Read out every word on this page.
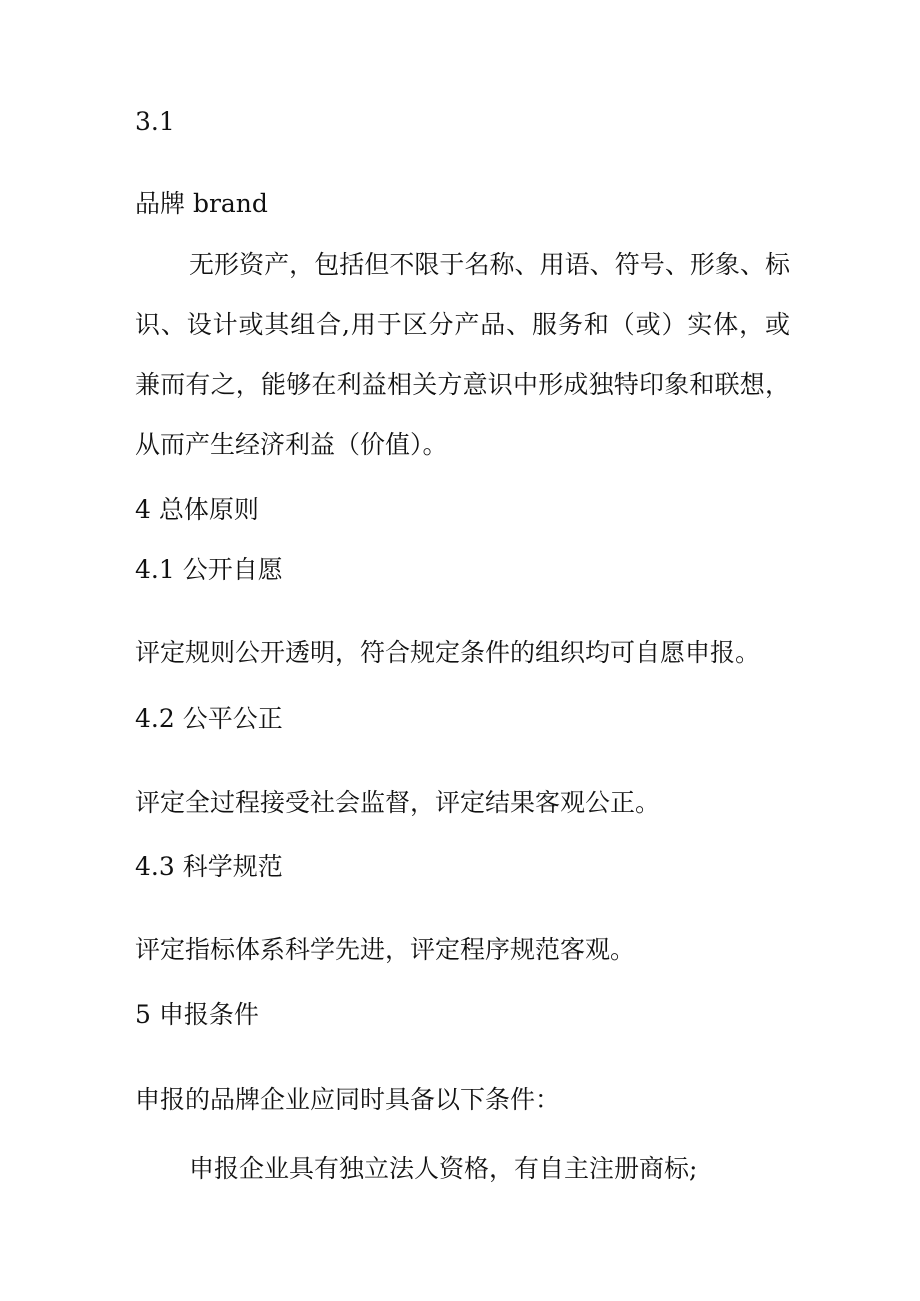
3.1
品牌 brand
无形资产，包括但不限于名称、用语、符号、形象、标识、设计或其组合,用于区分产品、服务和（或）实体，或兼而有之，能够在利益相关方意识中形成独特印象和联想，从而产生经济利益（价值）。
4 总体原则
4.1 公开自愿
评定规则公开透明，符合规定条件的组织均可自愿申报。
4.2 公平公正
评定全过程接受社会监督，评定结果客观公正。
4.3 科学规范
评定指标体系科学先进，评定程序规范客观。
5 申报条件
申报的品牌企业应同时具备以下条件：
申报企业具有独立法人资格，有自主注册商标;
